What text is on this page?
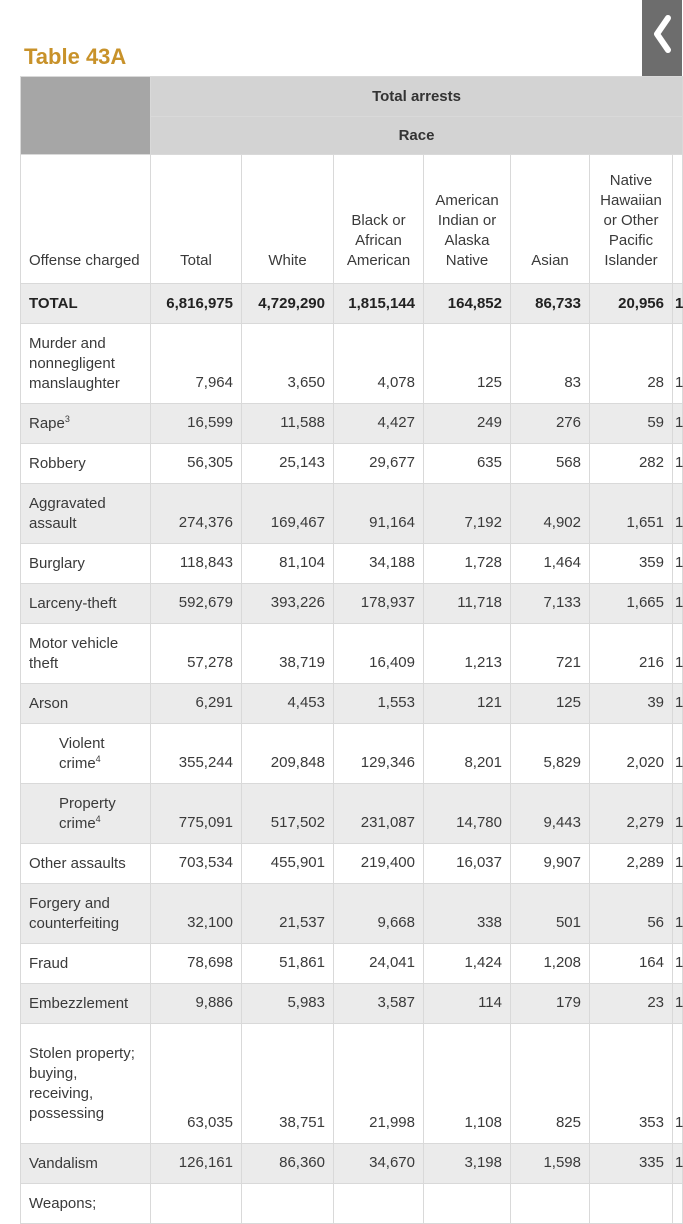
Table 43A
	Total arrests						
	Race						
Offense charged	Total	White	Black or African American	American Indian or Alaska Native	Asian	Native Hawaiian or Other Pacific Islander	
TOTAL	6,816,975	4,729,290	1,815,144	164,852	86,733	20,956	1
Murder and nonnegligent manslaughter	7,964	3,650	4,078	125	83	28	1
Rape$^3$	16,599	11,588	4,427	249	276	59	1
Robbery	56,305	25,143	29,677	635	568	282	1
Aggravated assault	274,376	169,467	91,164	7,192	4,902	1,651	1
Burglary	118,843	81,104	34,188	1,728	1,464	359	1
Larceny-theft	592,679	393,226	178,937	11,718	7,133	1,665	1
Motor vehicle theft	57,278	38,719	16,409	1,213	721	216	1
Arson	6,291	4,453	1,553	121	125	39	1
Violent crime$^4$	355,244	209,848	129,346	8,201	5,829	2,020	1
Property crime$^4$	775,091	517,502	231,087	14,780	9,443	2,279	1
Other assaults	703,534	455,901	219,400	16,037	9,907	2,289	1
Forgery and counterfeiting	32,100	21,537	9,668	338	501	56	1
Fraud	78,698	51,861	24,041	1,424	1,208	164	1
Embezzlement	9,886	5,983	3,587	114	179	23	1
Stolen property; buying, receiving, possessing	63,035	38,751	21,998	1,108	825	353	1
Vandalism	126,161	86,360	34,670	3,198	1,598	335	1
Weapons;							
